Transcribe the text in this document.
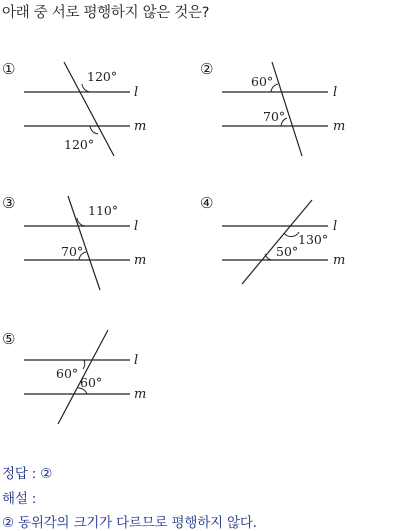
아래 중 서로 평행하지 않은 것은?
①	②
③	④
⑤
l
m
120°
120°
l
m
60°
70°
l
m
110°
70°
l
m
130°
50°
l
m
60°
60°
정답 : ②
해설 :
② 동위각의 크기가 다르므로 평행하지 않다.
